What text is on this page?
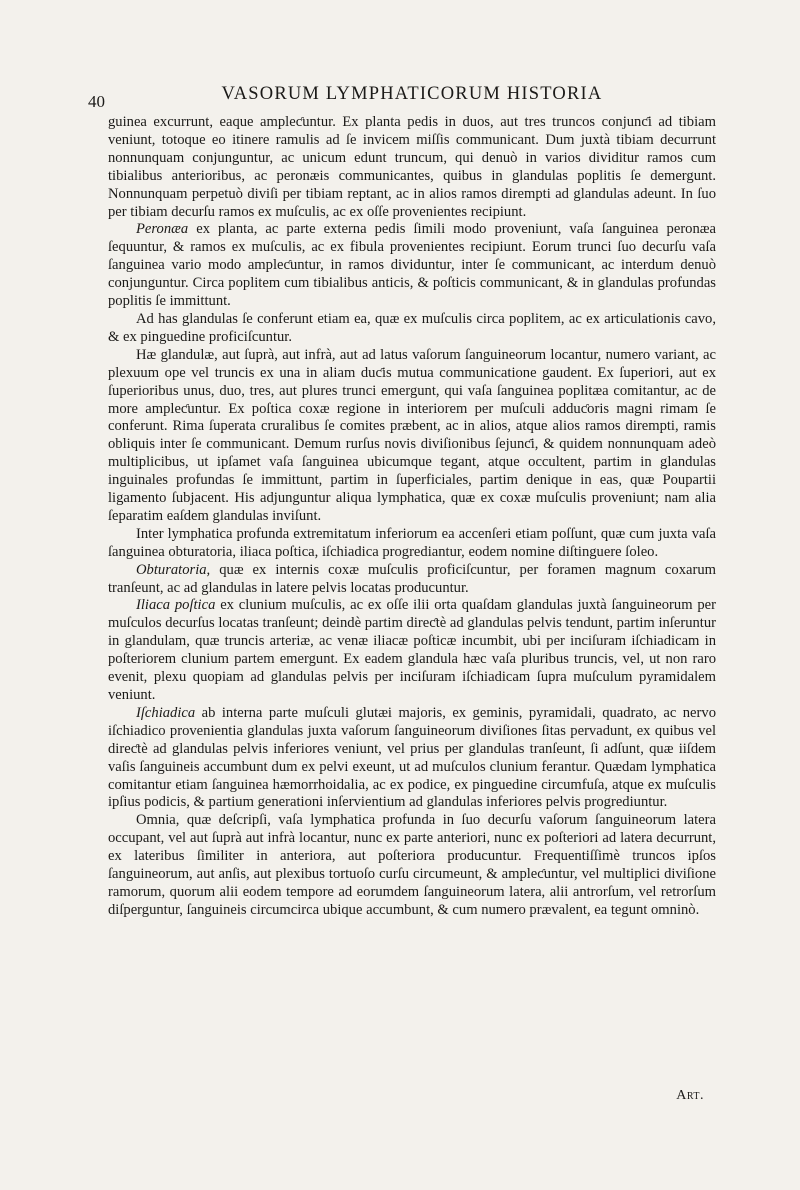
40	VASORUM LYMPHATICORUM HISTORIA

guinea excurrunt, eaque ampleƈuntur. Ex planta pedis in duos, aut tres truncos conjunƈi ad tibiam veniunt, totoque eo itinere ramulis ad ſe invicem miſſis communicant. Dum juxtà tibiam decurrunt nonnunquam conjunguntur, ac unicum edunt truncum, qui denuò in varios dividitur ramos cum tibialibus anterioribus, ac peronæis communicantes, quibus in glandulas poplitis ſe demergunt. Nonnunquam perpetuò diviſi per tibiam reptant, ac in alios ramos dirempti ad glandulas adeunt. In ſuo per tibiam decurſu ramos ex muſculis, ac ex oſſe provenientes recipiunt.

Peronæa ex planta, ac parte externa pedis ſimili modo proveniunt, vaſa ſanguinea peronæa ſequuntur, & ramos ex muſculis, ac ex fibula provenientes recipiunt. Eorum trunci ſuo decurſu vaſa ſanguinea vario modo ampleƈuntur, in ramos dividuntur, inter ſe communicant, ac interdum denuò conjunguntur. Circa poplitem cum tibialibus anticis, & poſticis communicant, & in glandulas profundas poplitis ſe immittunt.

Ad has glandulas ſe conferunt etiam ea, quæ ex muſculis circa poplitem, ac ex articulationis cavo, & ex pinguedine proficiſcuntur.

Hæ glandulæ, aut ſuprà, aut infrà, aut ad latus vaſorum ſanguineorum locantur, numero variant, ac plexuum ope vel truncis ex una in aliam duƈis mutua communicatione gaudent. Ex ſuperiori, aut ex ſuperioribus unus, duo, tres, aut plures trunci emergunt, qui vaſa ſanguinea poplitæa comitantur, ac de more ampleƈuntur. Ex poſtica coxæ regione in interiorem per muſculi adduƈoris magni rimam ſe conferunt. Rima ſuperata cruralibus ſe comites præbent, ac in alios, atque alios ramos dirempti, ramis obliquis inter ſe communicant. Demum rurſus novis diviſionibus ſejunƈi, & quidem nonnunquam adeò multiplicibus, ut ipſamet vaſa ſanguinea ubicumque tegant, atque occultent, partim in glandulas inguinales profundas ſe immittunt, partim in ſuperficiales, partim denique in eas, quæ Poupartii ligamento ſubjacent. His adjunguntur aliqua lymphatica, quæ ex coxæ muſculis proveniunt; nam alia ſeparatim eaſdem glandulas inviſunt.

Inter lymphatica profunda extremitatum inferiorum ea accenſeri etiam poſſunt, quæ cum juxta vaſa ſanguinea obturatoria, iliaca poſtica, iſchiadica progrediantur, eodem nomine diſtinguere ſoleo.

Obturatoria, quæ ex internis coxæ muſculis proficiſcuntur, per foramen magnum coxarum tranſeunt, ac ad glandulas in latere pelvis locatas producuntur.

Iliaca poſtica ex clunium muſculis, ac ex oſſe ilii orta quaſdam glandulas juxtà ſanguineorum per muſculos decurſus locatas tranſeunt; deindè partim direƈtè ad glandulas pelvis tendunt, partim inſeruntur in glandulam, quæ truncis arteriæ, ac venæ iliacæ poſticæ incumbit, ubi per inciſuram iſchiadicam in poſteriorem clunium partem emergunt. Ex eadem glandula hæc vaſa pluribus truncis, vel, ut non raro evenit, plexu quopiam ad glandulas pelvis per inciſuram iſchiadicam ſupra muſculum pyramidalem veniunt.

Iſchiadica ab interna parte muſculi glutæi majoris, ex geminis, pyramidali, quadrato, ac nervo iſchiadico provenientia glandulas juxta vaſorum ſanguineorum diviſiones ſitas pervadunt, ex quibus vel direƈtè ad glandulas pelvis inferiores veniunt, vel prius per glandulas tranſeunt, ſi adſunt, quæ iiſdem vaſis ſanguineis accumbunt dum ex pelvi exeunt, ut ad muſculos clunium ferantur. Quædam lymphatica comitantur etiam ſanguinea hæmorrhoidalia, ac ex podice, ex pinguedine circumfuſa, atque ex muſculis ipſius podicis, & partium generationi inſervientium ad glandulas inferiores pelvis progrediuntur.

Omnia, quæ deſcripſi, vaſa lymphatica profunda in ſuo decurſu vaſorum ſanguineorum latera occupant, vel aut ſuprà aut infrà locantur, nunc ex parte anteriori, nunc ex poſteriori ad latera decurrunt, ex lateribus ſimiliter in anteriora, aut poſteriora producuntur. Frequentiſſimè truncos ipſos ſanguineorum, aut anſis, aut plexibus tortuoſo curſu circumeunt, & ampleƈuntur, vel multiplici diviſione ramorum, quorum alii eodem tempore ad eorumdem ſanguineorum latera, alii antrorſum, vel retrorſum diſperguntur, ſanguineis circumcirca ubique accumbunt, & cum numero prævalent, ea tegunt omninò.

Art.
